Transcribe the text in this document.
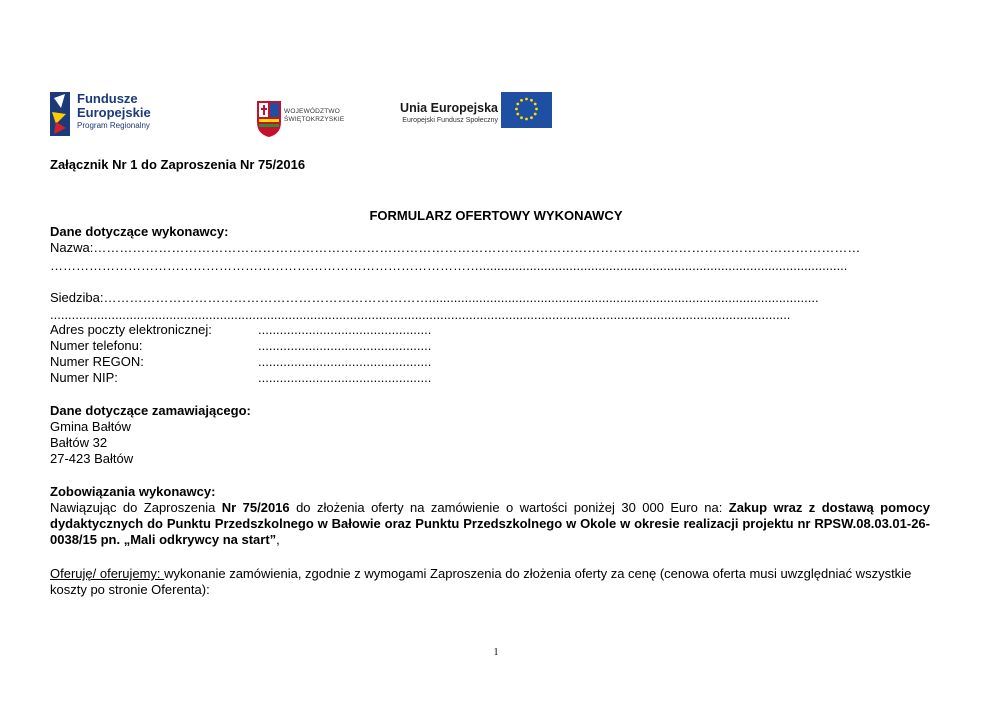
Fundusze
Europejskie
Program Regionalny
WOJEWÓDZTWO
ŚWIĘTOKRZYSKIE
Unia Europejska
Europejski Fundusz Społeczny
Załącznik Nr 1 do Zaproszenia Nr 75/2016
FORMULARZ OFERTOWY WYKONAWCY
Dane dotyczące wykonawcy:
Nazwa:……………………………………………………………………………………………………………………………………………………………
………………………………………………………………………………………......................................................................................................
Siedziba:…………………………………………………………………............................................................................................................
.............................................................................................................................................................................................................
Adres poczty elektronicznej:	................................................
Numer telefonu:	................................................
Numer REGON:	................................................
Numer NIP:	................................................
Dane dotyczące zamawiającego:
Gmina Bałtów
Bałtów 32
27-423 Bałtów
Zobowiązania wykonawcy:
Nawiązując do Zaproszenia Nr 75/2016 do złożenia oferty na zamówienie o wartości poniżej 30 000 Euro na: Zakup wraz z dostawą pomocy dydaktycznych do Punktu Przedszkolnego w Bałowie oraz Punktu Przedszkolnego w Okole w okresie realizacji projektu nr RPSW.08.03.01-26-0038/15 pn. „Mali odkrywcy na start”,
Oferuję/ oferujemy: wykonanie zamówienia, zgodnie z wymogami Zaproszenia do złożenia oferty za cenę (cenowa oferta musi uwzględniać wszystkie koszty po stronie Oferenta):
1
